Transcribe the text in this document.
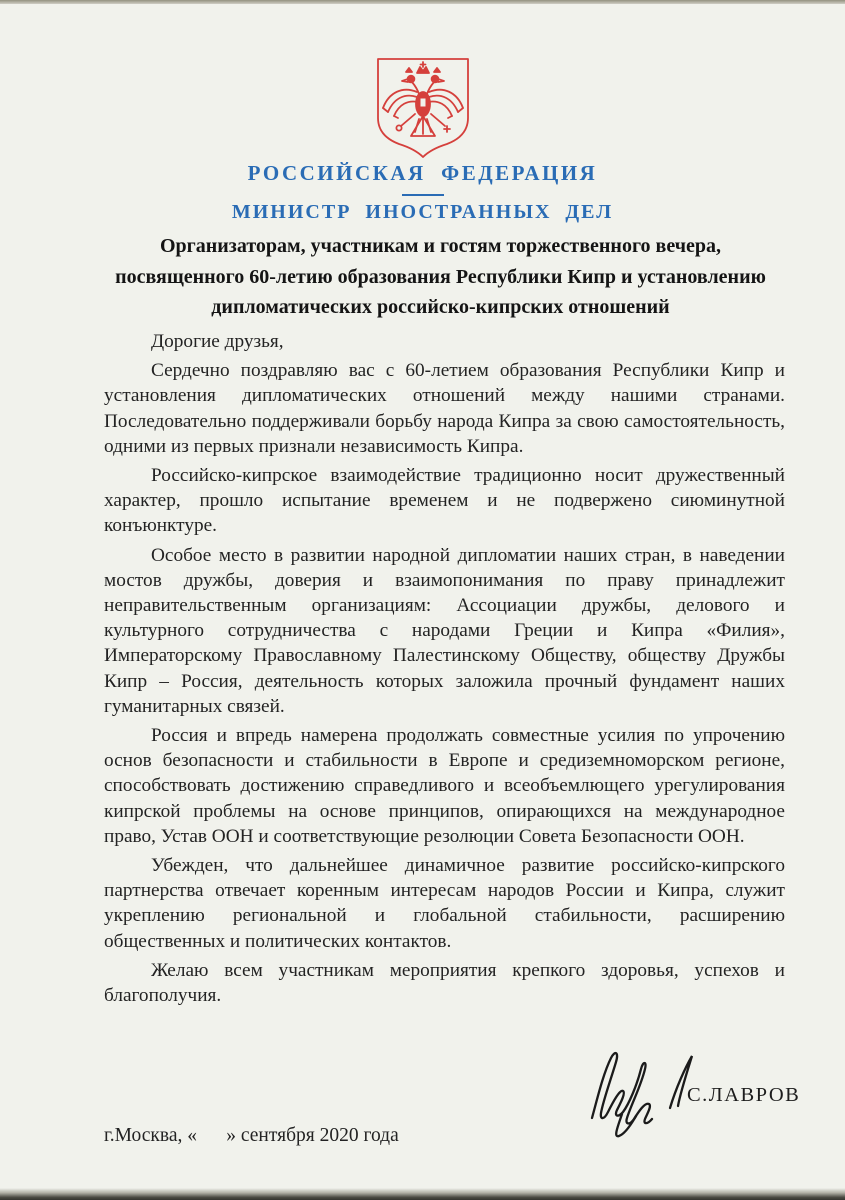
РОССИЙСКАЯ  ФЕДЕРАЦИЯ
МИНИСТР  ИНОСТРАННЫХ  ДЕЛ
Организаторам, участникам и гостям торжественного вечера, посвященного 60-летию образования Республики Кипр и установлению дипломатических российско-кипрских отношений

Дорогие друзья,

Сердечно поздравляю вас с 60-летием образования Республики Кипр и установления дипломатических отношений между нашими странами. Последовательно поддерживали борьбу народа Кипра за свою самостоятельность, одними из первых признали независимость Кипра.

Российско-кипрское взаимодействие традиционно носит дружественный характер, прошло испытание временем и не подвержено сиюминутной конъюнктуре.

Особое место в развитии народной дипломатии наших стран, в наведении мостов дружбы, доверия и взаимопонимания по праву принадлежит неправительственным организациям: Ассоциации дружбы, делового и культурного сотрудничества с народами Греции и Кипра «Филия», Императорскому Православному Палестинскому Обществу, обществу Дружбы Кипр – Россия, деятельность которых заложила прочный фундамент наших гуманитарных связей.

Россия и впредь намерена продолжать совместные усилия по упрочению основ безопасности и стабильности в Европе и средиземноморском регионе, способствовать достижению справедливого и всеобъемлющего урегулирования кипрской проблемы на основе принципов, опирающихся на международное право, Устав ООН и соответствующие резолюции Совета Безопасности ООН.

Убежден, что дальнейшее динамичное развитие российско-кипрского партнерства отвечает коренным интересам народов России и Кипра, служит укреплению региональной и глобальной стабильности, расширению общественных и политических контактов.

Желаю всем участникам мероприятия крепкого здоровья, успехов и благополучия.

С.ЛАВРОВ
г.Москва, «      » сентября 2020 года
